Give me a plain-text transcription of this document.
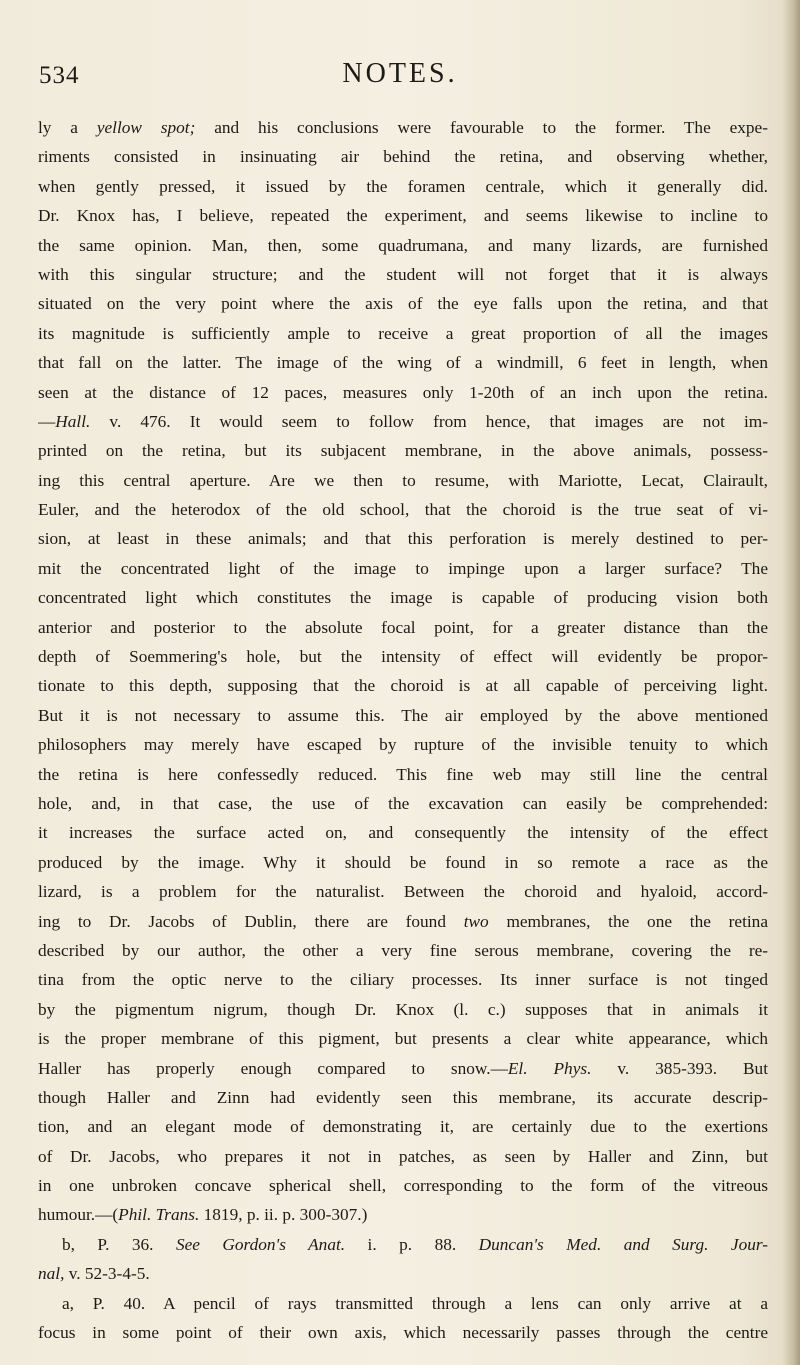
534	NOTES.
ly a yellow spot; and his conclusions were favourable to the former. The expe-
riments consisted in insinuating air behind the retina, and observing whether,
when gently pressed, it issued by the foramen centrale, which it generally did.
Dr. Knox has, I believe, repeated the experiment, and seems likewise to incline to
the same opinion. Man, then, some quadrumana, and many lizards, are furnished
with this singular structure; and the student will not forget that it is always
situated on the very point where the axis of the eye falls upon the retina, and that
its magnitude is sufficiently ample to receive a great proportion of all the images
that fall on the latter. The image of the wing of a windmill, 6 feet in length, when
seen at the distance of 12 paces, measures only 1-20th of an inch upon the retina.
—Hall. v. 476. It would seem to follow from hence, that images are not im-
printed on the retina, but its subjacent membrane, in the above animals, possess-
ing this central aperture. Are we then to resume, with Mariotte, Lecat, Clairault,
Euler, and the heterodox of the old school, that the choroid is the true seat of vi-
sion, at least in these animals; and that this perforation is merely destined to per-
mit the concentrated light of the image to impinge upon a larger surface? The
concentrated light which constitutes the image is capable of producing vision both
anterior and posterior to the absolute focal point, for a greater distance than the
depth of Soemmering's hole, but the intensity of effect will evidently be propor-
tionate to this depth, supposing that the choroid is at all capable of perceiving light.
But it is not necessary to assume this. The air employed by the above mentioned
philosophers may merely have escaped by rupture of the invisible tenuity to which
the retina is here confessedly reduced. This fine web may still line the central
hole, and, in that case, the use of the excavation can easily be comprehended:
it increases the surface acted on, and consequently the intensity of the effect
produced by the image. Why it should be found in so remote a race as the
lizard, is a problem for the naturalist. Between the choroid and hyaloid, accord-
ing to Dr. Jacobs of Dublin, there are found two membranes, the one the retina
described by our author, the other a very fine serous membrane, covering the re-
tina from the optic nerve to the ciliary processes. Its inner surface is not tinged
by the pigmentum nigrum, though Dr. Knox (l. c.) supposes that in animals it
is the proper membrane of this pigment, but presents a clear white appearance, which
Haller has properly enough compared to snow.—El. Phys. v. 385-393. But
though Haller and Zinn had evidently seen this membrane, its accurate descrip-
tion, and an elegant mode of demonstrating it, are certainly due to the exertions
of Dr. Jacobs, who prepares it not in patches, as seen by Haller and Zinn, but
in one unbroken concave spherical shell, corresponding to the form of the vitreous
humour.—(Phil. Trans. 1819, p. ii. p. 300-307.)
b, P. 36. See Gordon's Anat. i. p. 88. Duncan's Med. and Surg. Jour-
nal, v. 52-3-4-5.
a, P. 40. A pencil of rays transmitted through a lens can only arrive at a
focus in some point of their own axis, which necessarily passes through the centre
